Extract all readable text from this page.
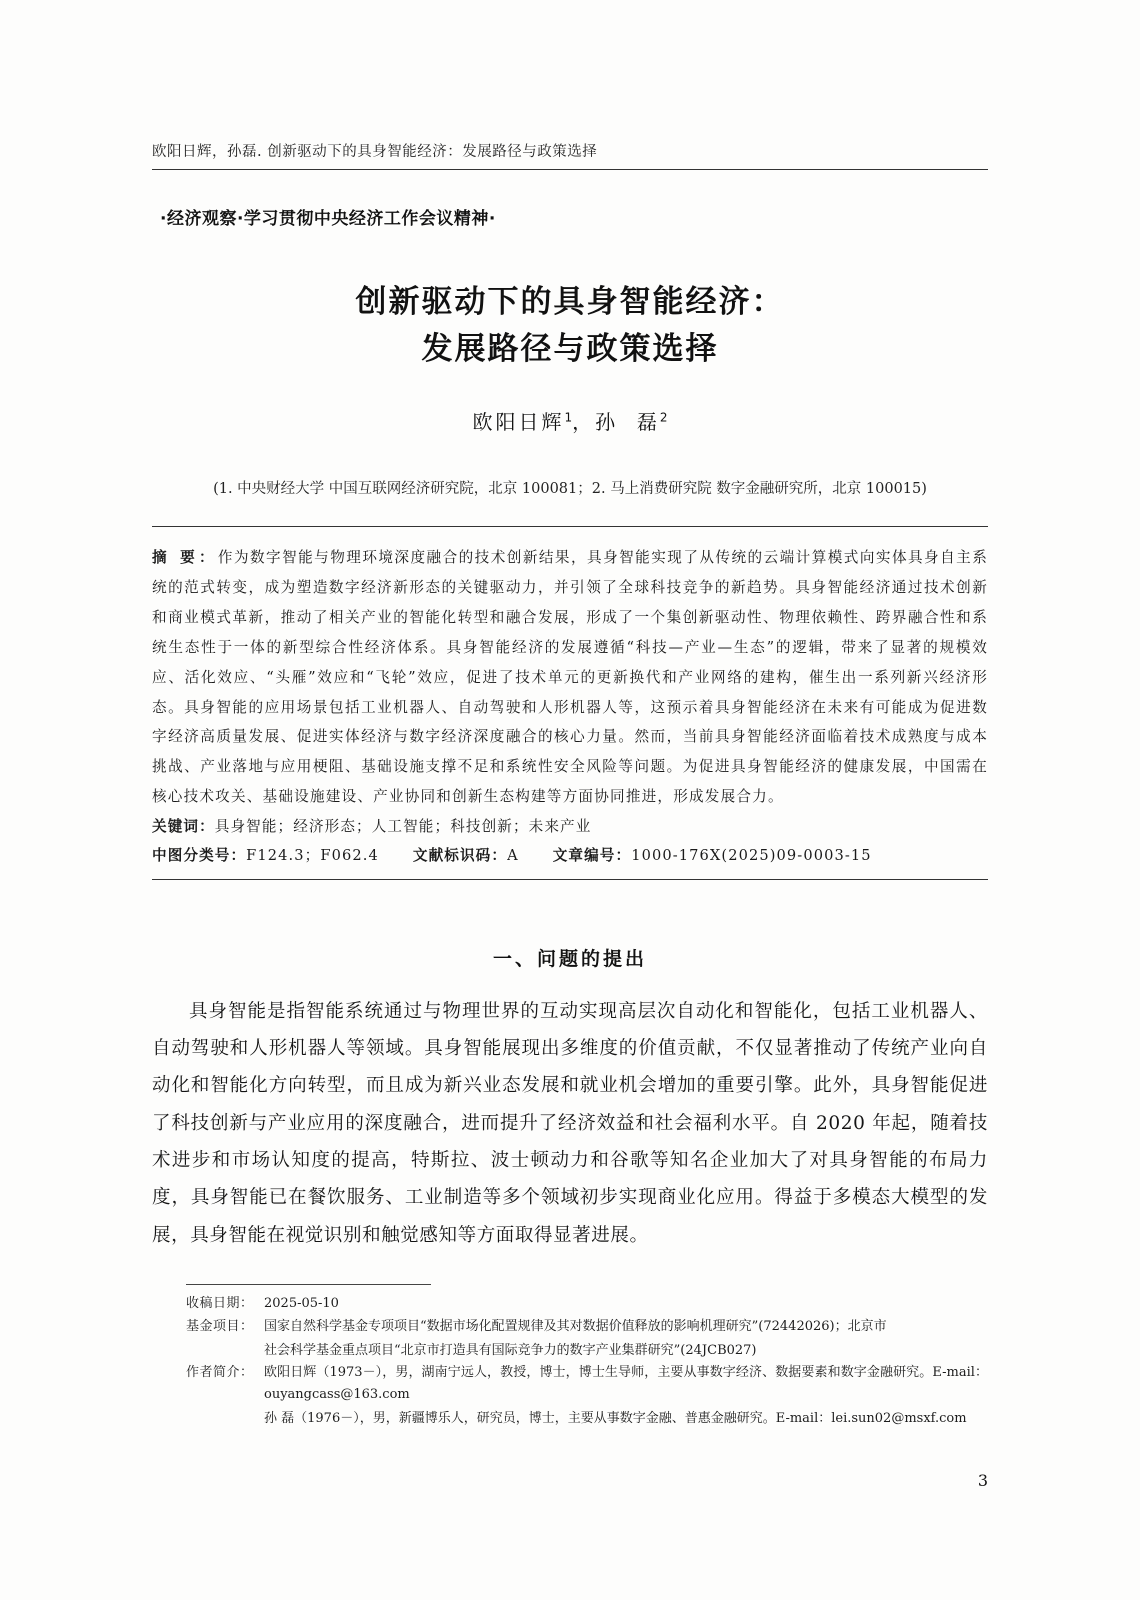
欧阳日辉，孙磊. 创新驱动下的具身智能经济：发展路径与政策选择
·经济观察·学习贯彻中央经济工作会议精神·
创新驱动下的具身智能经济：
发展路径与政策选择
欧阳日辉$^1$，孙 磊$^2$
(1. 中央财经大学 中国互联网经济研究院，北京 100081；2. 马上消费研究院 数字金融研究所，北京 100015)
摘 要：作为数字智能与物理环境深度融合的技术创新结果，具身智能实现了从传统的云端计算模式向实体具身自主系统的范式转变，成为塑造数字经济新形态的关键驱动力，并引领了全球科技竞争的新趋势。具身智能经济通过技术创新和商业模式革新，推动了相关产业的智能化转型和融合发展，形成了一个集创新驱动性、物理依赖性、跨界融合性和系统生态性于一体的新型综合性经济体系。具身智能经济的发展遵循“科技—产业—生态”的逻辑，带来了显著的规模效应、活化效应、“头雁”效应和“飞轮”效应，促进了技术单元的更新换代和产业网络的建构，催生出一系列新兴经济形态。具身智能的应用场景包括工业机器人、自动驾驶和人形机器人等，这预示着具身智能经济在未来有可能成为促进数字经济高质量发展、促进实体经济与数字经济深度融合的核心力量。然而，当前具身智能经济面临着技术成熟度与成本挑战、产业落地与应用梗阻、基础设施支撑不足和系统性安全风险等问题。为促进具身智能经济的健康发展，中国需在核心技术攻关、基础设施建设、产业协同和创新生态构建等方面协同推进，形成发展合力。
关键词：具身智能；经济形态；人工智能；科技创新；未来产业
中图分类号：F124.3；F062.4 文献标识码：A 文章编号：1000-176X(2025)09-0003-15
一、问题的提出
具身智能是指智能系统通过与物理世界的互动实现高层次自动化和智能化，包括工业机器人、自动驾驶和人形机器人等领域。具身智能展现出多维度的价值贡献，不仅显著推动了传统产业向自动化和智能化方向转型，而且成为新兴业态发展和就业机会增加的重要引擎。此外，具身智能促进了科技创新与产业应用的深度融合，进而提升了经济效益和社会福利水平。自 2020 年起，随着技术进步和市场认知度的提高，特斯拉、波士顿动力和谷歌等知名企业加大了对具身智能的布局力度，具身智能已在餐饮服务、工业制造等多个领域初步实现商业化应用。得益于多模态大模型的发展，具身智能在视觉识别和触觉感知等方面取得显著进展。
收稿日期： 2025-05-10
基金项目： 国家自然科学基金专项项目“数据市场化配置规律及其对数据价值释放的影响机理研究”(72442026)；北京市
社会科学基金重点项目“北京市打造具有国际竞争力的数字产业集群研究”(24JCB027)
作者简介： 欧阳日辉（1973－），男，湖南宁远人，教授，博士，博士生导师，主要从事数字经济、数据要素和数字金融研究。E-mail：ouyangcass@163.com
孙 磊（1976－），男，新疆博乐人，研究员，博士，主要从事数字金融、普惠金融研究。E-mail：lei.sun02@msxf.com
3
